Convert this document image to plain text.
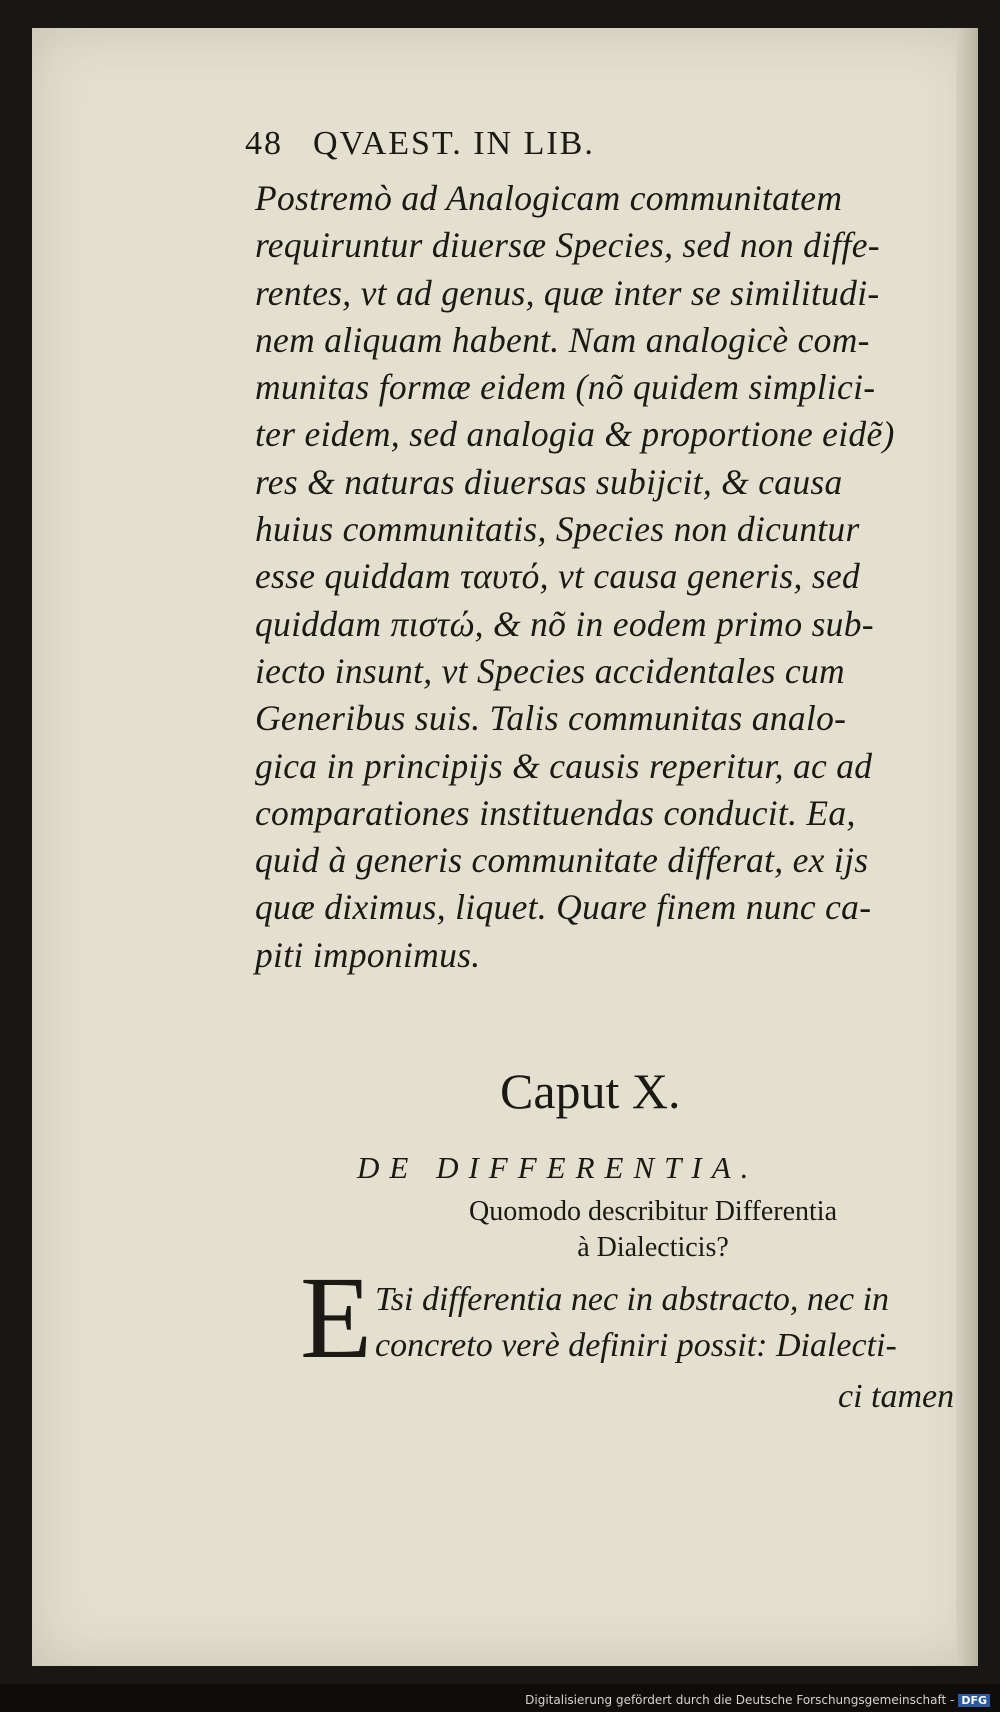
48 QVAEST. IN LIB.
Postremò ad Analogicam communitatem
requiruntur diuersæ Species, sed non diffe-
rentes, vt ad genus, quæ inter se similitudi-
nem aliquam habent. Nam analogicè com-
munitas formæ eidem (nõ quidem simplici-
ter eidem, sed analogia & proportione eidẽ)
res & naturas diuersas subijcit, & causa
huius communitatis, Species non dicuntur
esse quiddam ταυτό, vt causa generis, sed
quiddam πιστώ, & nõ in eodem primo sub-
iecto insunt, vt Species accidentales cum
Generibus suis. Talis communitas analo-
gica in principijs & causis reperitur, ac ad
comparationes instituendas conducit. Ea,
quid à generis communitate differat, ex ijs
quæ diximus, liquet. Quare finem nunc ca-
piti imponimus.
Caput X.
DE DIFFERENTIA.
Quomodo describitur Differentia
à Dialecticis?
E Tsi differentia nec in abstracto, nec in
concreto verè definiri possit: Dialecti-
ci tamen
Digitalisierung gefördert durch die Deutsche Forschungsgemeinschaft - DFG
